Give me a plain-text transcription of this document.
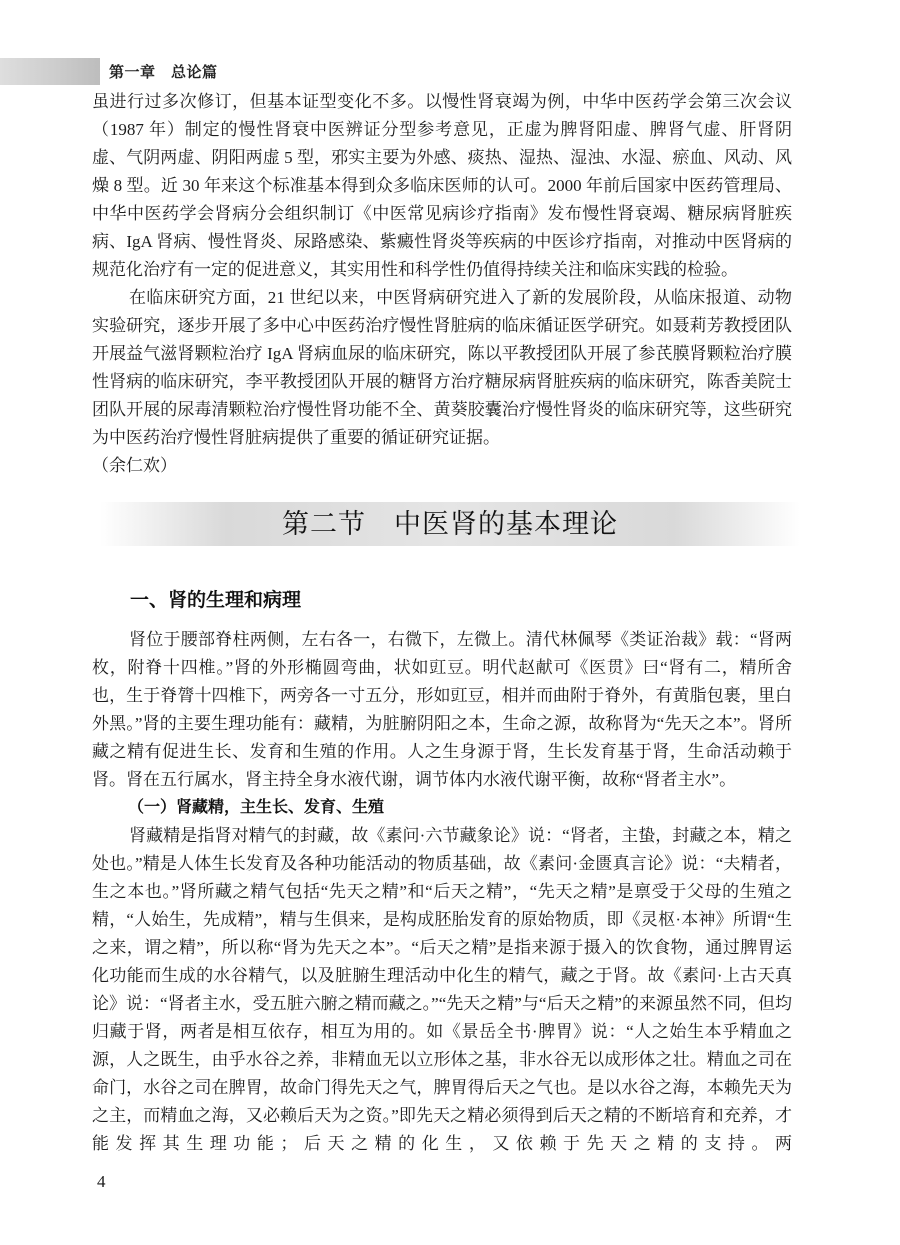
第一章　总论篇

虽进行过多次修订，但基本证型变化不多。以慢性肾衰竭为例，中华中医药学会第三次会议（1987 年）制定的慢性肾衰中医辨证分型参考意见，正虚为脾肾阳虚、脾肾气虚、肝肾阴虚、气阴两虚、阴阳两虚 5 型，邪实主要为外感、痰热、湿热、湿浊、水湿、瘀血、风动、风燥 8 型。近 30 年来这个标准基本得到众多临床医师的认可。2000 年前后国家中医药管理局、中华中医药学会肾病分会组织制订《中医常见病诊疗指南》发布慢性肾衰竭、糖尿病肾脏疾病、IgA 肾病、慢性肾炎、尿路感染、紫癜性肾炎等疾病的中医诊疗指南，对推动中医肾病的规范化治疗有一定的促进意义，其实用性和科学性仍值得持续关注和临床实践的检验。

在临床研究方面，21 世纪以来，中医肾病研究进入了新的发展阶段，从临床报道、动物实验研究，逐步开展了多中心中医药治疗慢性肾脏病的临床循证医学研究。如聂莉芳教授团队开展益气滋肾颗粒治疗 IgA 肾病血尿的临床研究，陈以平教授团队开展了参芪膜肾颗粒治疗膜性肾病的临床研究，李平教授团队开展的糖肾方治疗糖尿病肾脏疾病的临床研究，陈香美院士团队开展的尿毒清颗粒治疗慢性肾功能不全、黄葵胶囊治疗慢性肾炎的临床研究等，这些研究为中医药治疗慢性肾脏病提供了重要的循证研究证据。

（余仁欢）

第二节　中医肾的基本理论
一、肾的生理和病理

肾位于腰部脊柱两侧，左右各一，右微下，左微上。清代林佩琴《类证治裁》载：“肾两枚，附脊十四椎。”肾的外形椭圆弯曲，状如豇豆。明代赵献可《医贯》曰“肾有二，精所舍也，生于脊膂十四椎下，两旁各一寸五分，形如豇豆，相并而曲附于脊外，有黄脂包裹，里白外黑。”肾的主要生理功能有：藏精，为脏腑阴阳之本，生命之源，故称肾为“先天之本”。肾所藏之精有促进生长、发育和生殖的作用。人之生身源于肾，生长发育基于肾，生命活动赖于肾。肾在五行属水，肾主持全身水液代谢，调节体内水液代谢平衡，故称“肾者主水”。

（一）肾藏精，主生长、发育、生殖

肾藏精是指肾对精气的封藏，故《素问·六节藏象论》说：“肾者，主蛰，封藏之本，精之处也。”精是人体生长发育及各种功能活动的物质基础，故《素问·金匮真言论》说：“夫精者，生之本也。”肾所藏之精气包括“先天之精”和“后天之精”，“先天之精”是禀受于父母的生殖之精，“人始生，先成精”，精与生俱来，是构成胚胎发育的原始物质，即《灵枢·本神》所谓“生之来，谓之精”，所以称“肾为先天之本”。“后天之精”是指来源于摄入的饮食物，通过脾胃运化功能而生成的水谷精气，以及脏腑生理活动中化生的精气，藏之于肾。故《素问·上古天真论》说：“肾者主水，受五脏六腑之精而藏之。”“先天之精”与“后天之精”的来源虽然不同，但均归藏于肾，两者是相互依存，相互为用的。如《景岳全书·脾胃》说：“人之始生本乎精血之源，人之既生，由乎水谷之养，非精血无以立形体之基，非水谷无以成形体之壮。精血之司在命门，水谷之司在脾胃，故命门得先天之气，脾胃得后天之气也。是以水谷之海，本赖先天为之主，而精血之海，又必赖后天为之资。”即先天之精必须得到后天之精的不断培育和充养，才能发挥其生理功能；后天之精的化生，又依赖于先天之精的支持。两

4
